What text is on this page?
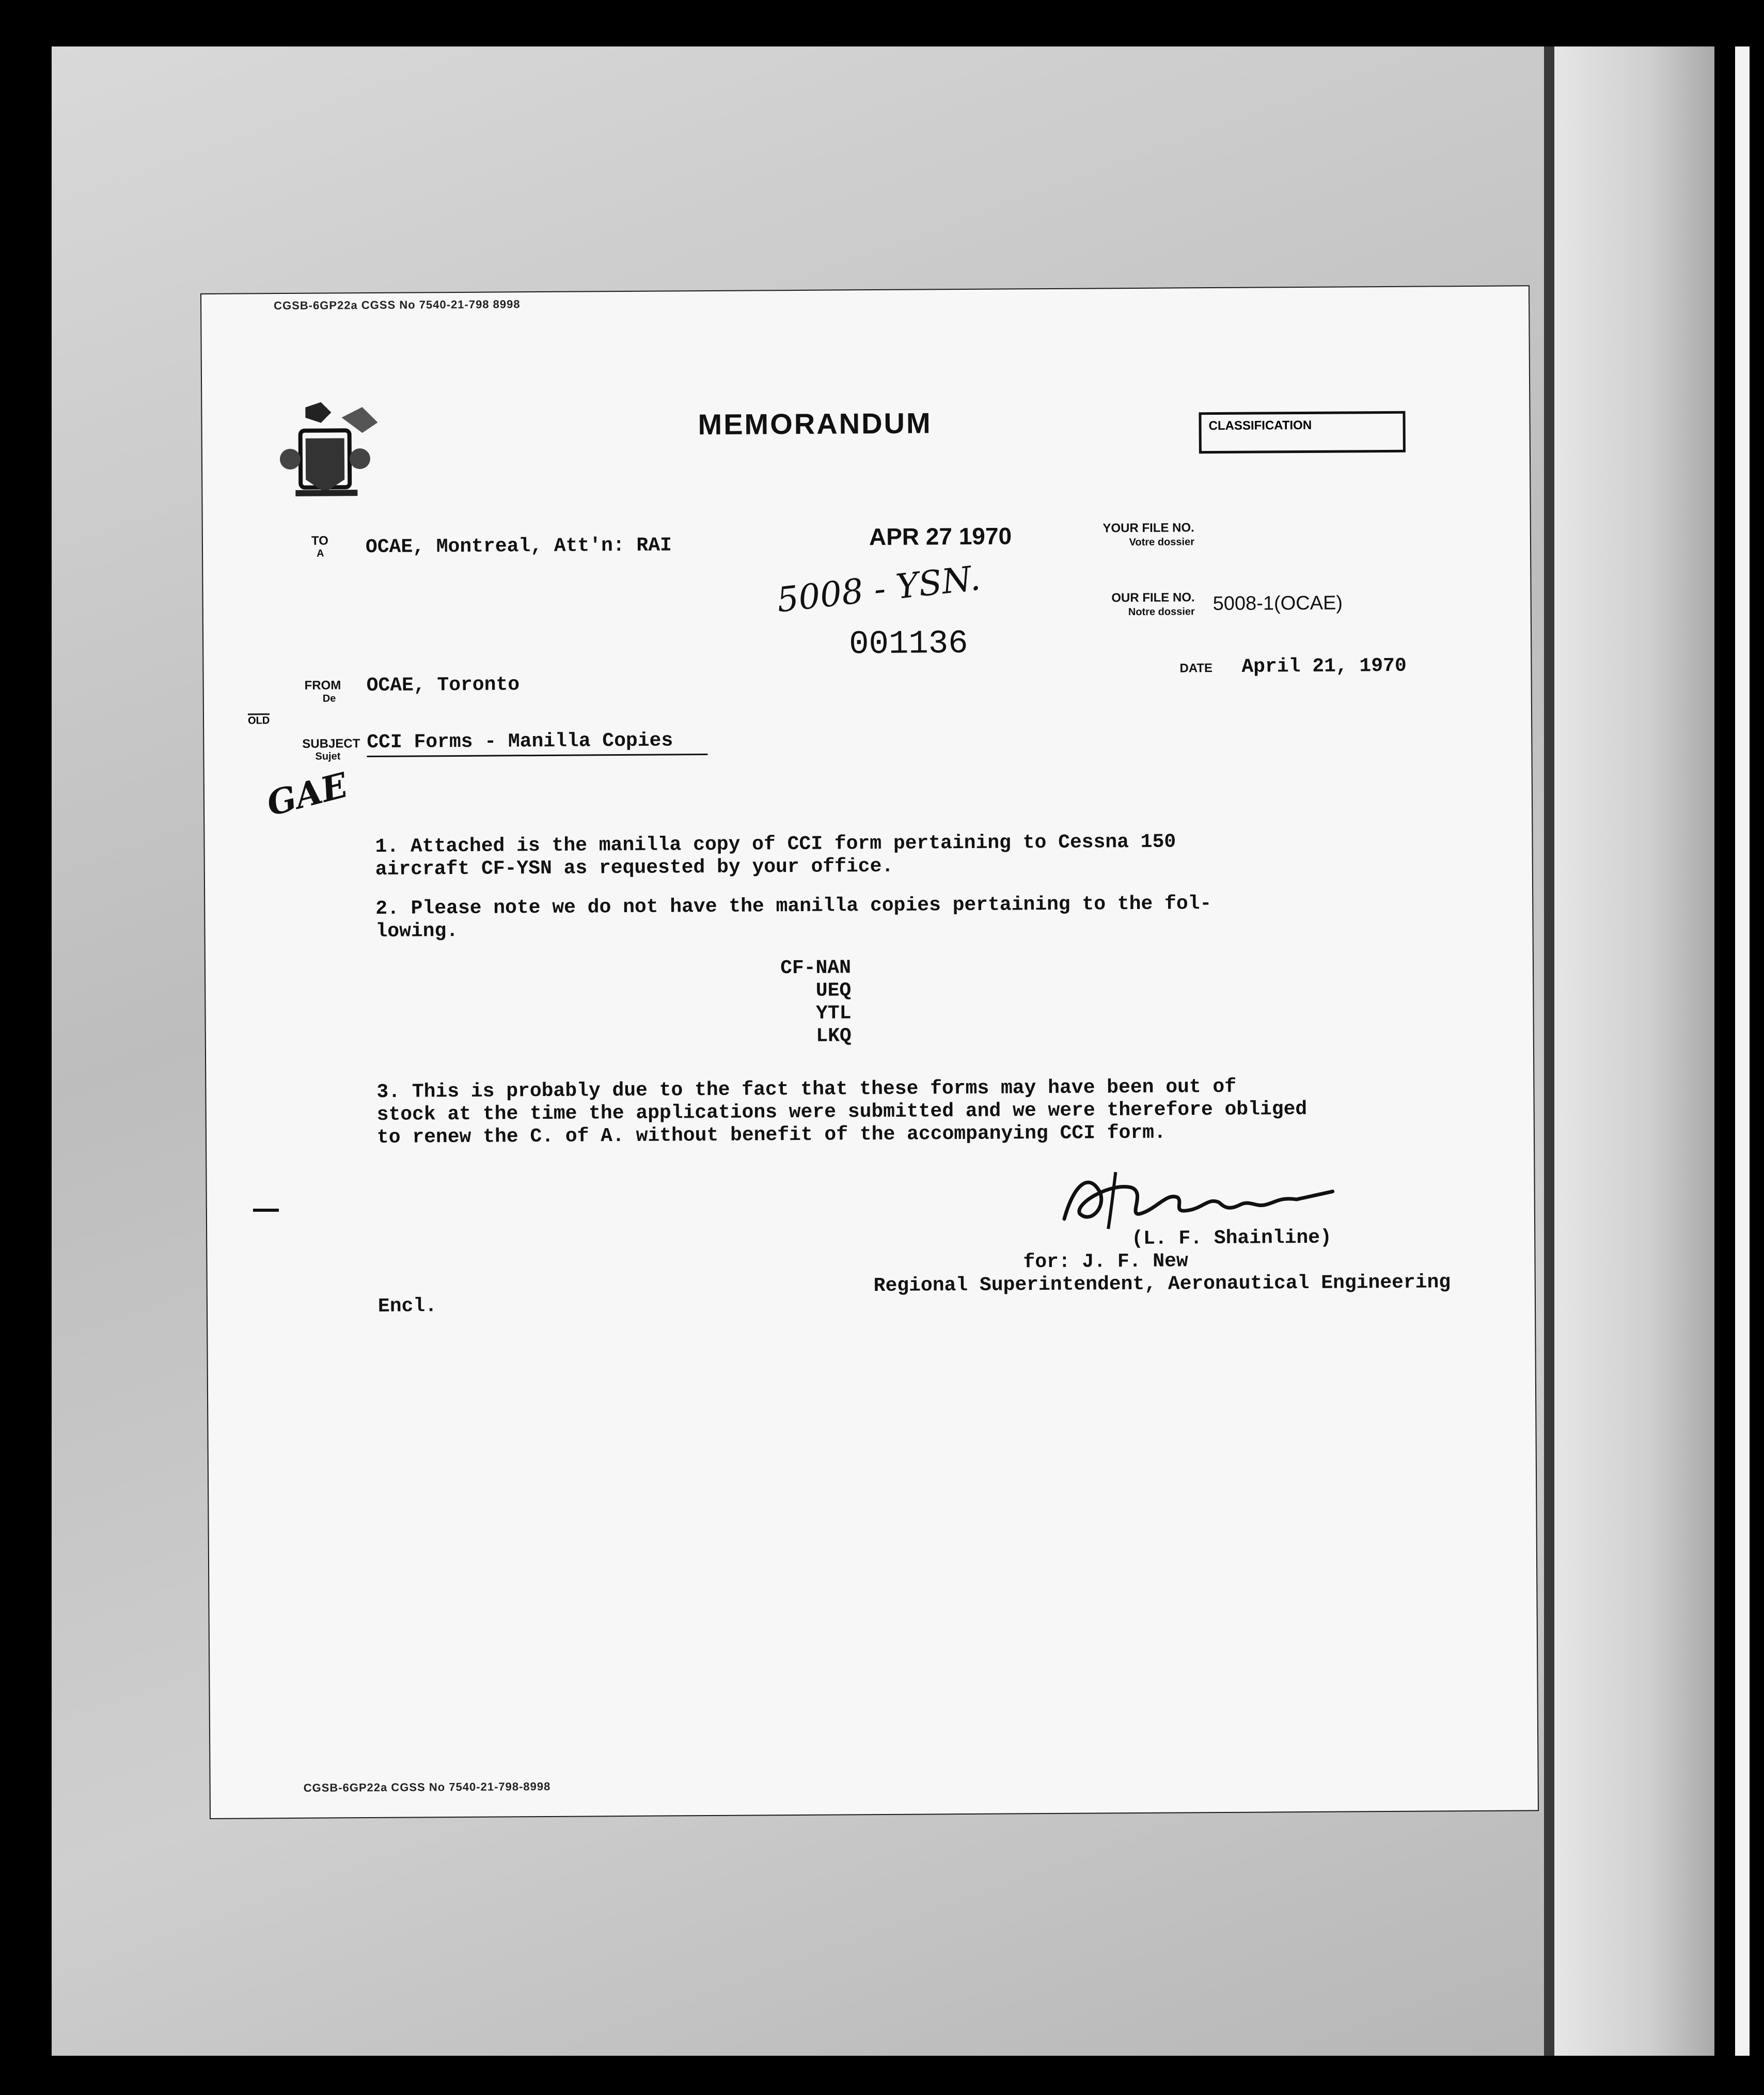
CGSB-6GP22a CGSS No 7540-21-798 8998
MEMORANDUM	CLASSIFICATION
TO
A OCAE, Montreal, Att'n: RAI	APR 27 1970
5008 - YSN.
001136
YOUR FILE NO.
Votre dossier
OUR FILE NO.
Notre dossier 5008-1(OCAE)
DATE April 21, 1970
FROM
De
OCAE, Toronto
OLD
SUBJECT
Sujet
CCI Forms - Manilla Copies
GAE
1. Attached is the manilla copy of CCI form pertaining to Cessna 150
aircraft CF-YSN as requested by your office.
2. Please note we do not have the manilla copies pertaining to the fol-
lowing.
CF-NAN
UEQ
YTL
LKQ
3. This is probably due to the fact that these forms may have been out of
stock at the time the applications were submitted and we were therefore obliged
to renew the C. of A. without benefit of the accompanying CCI form.
(L. F. Shainline)
for: J. F. New
Regional Superintendent, Aeronautical Engineering
Encl.
CGSB-6GP22a CGSS No 7540-21-798-8998
